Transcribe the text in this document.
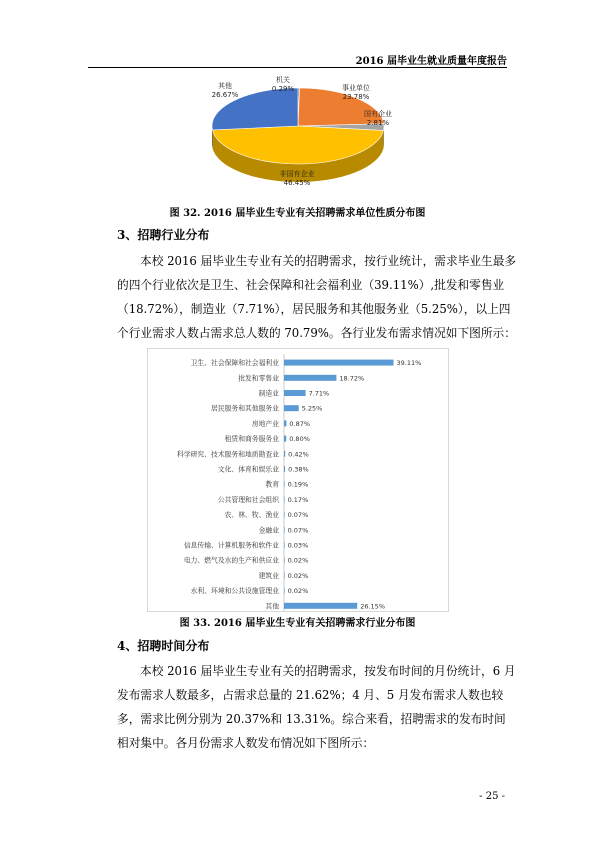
2016 届毕业生就业质量年度报告
机关
0.29%	事业单位
23.78%
国有企业
2.81%
非国有企业
46.45%
其他
26.67%
图 32. 2016 届毕业生专业有关招聘需求单位性质分布图
3、招聘行业分布
本校 2016 届毕业生专业有关的招聘需求，按行业统计，需求毕业生最多的四个行业依次是卫生、社会保障和社会福利业（39.11%）,批发和零售业（18.72%），制造业（7.71%），居民服务和其他服务业（5.25%），以上四个行业需求人数占需求总人数的 70.79%。各行业发布需求情况如下图所示：
卫生、社会保障和社会福利业	39.11%
批发和零售业	18.72%
制造业	7.71%
居民服务和其他服务业	5.25%
房地产业 0.87%
租赁和商务服务业 0.80%
科学研究、技术服务和地质勘查业 0.42%
文化、体育和娱乐业 0.38%
教育 0.19%
公共管理和社会组织 0.17%
农、林、牧、渔业 0.07%
金融业 0.07%
信息传输、计算机服务和软件业 0.03%
电力、燃气及水的生产和供应业 0.02%
建筑业 0.02%
水利、环境和公共设施管理业 0.02%
其他	26.15%
图 33. 2016 届毕业生专业有关招聘需求行业分布图
4、招聘时间分布
本校 2016 届毕业生专业有关的招聘需求，按发布时间的月份统计，6 月发布需求人数最多，占需求总量的 21.62%；4 月、5 月发布需求人数也较多，需求比例分别为 20.37%和 13.31%。综合来看，招聘需求的发布时间相对集中。各月份需求人数发布情况如下图所示：
- 25 -
